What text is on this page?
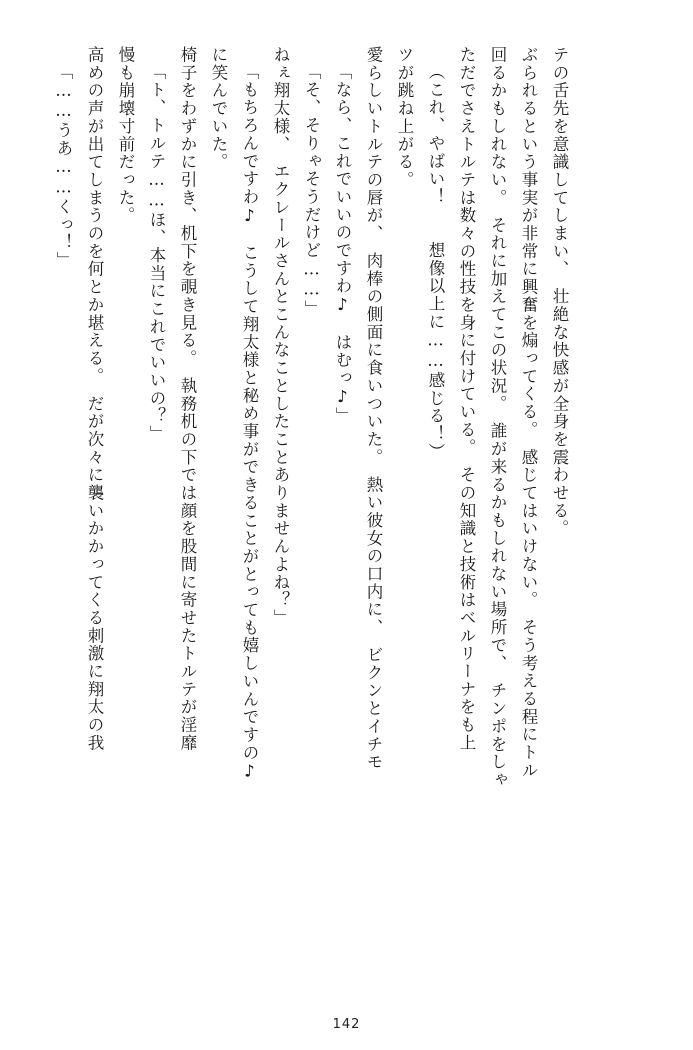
「……うあ……くっ！」 高めの声が出てしまうのを何とか堪える。　だが次々に襲いかかってくる刺激に翔太の我 慢も崩壊寸前だった。 「ト、トルテ……ほ、本当にこれでいいの？」 椅子をわずかに引き、机下を覗き見る。　執務机の下では顔を股間に寄せたトルテが淫靡 に笑んでいた。 「もちろんですわ♪　こうして翔太様と秘め事ができることがとっても嬉しいんですの♪ ねぇ翔太様、　エクレールさんとこんなことしたことありませんよね？」 「そ、そりゃそうだけど……」 「なら、これでいいのですわ♪　はむっ♪」 愛らしいトルテの唇が、　肉棒の側面に食いついた。　熱い彼女の口内に、　ビクンとイチモ ツが跳ね上がる。 （これ、やばい！　　想像以上に……感じる！） ただでさえトルテは数々の性技を身に付けている。　その知識と技術はベルリーナをも上 回るかもしれない。　それに加えてこの状況。　誰が来るかもしれない場所で、　チンポをしゃ ぶられるという事実が非常に興奮を煽ってくる。　感じてはいけない。　そう考える程にトル テの舌先を意識してしまい、　壮絶な快感が全身を震わせる。
142
